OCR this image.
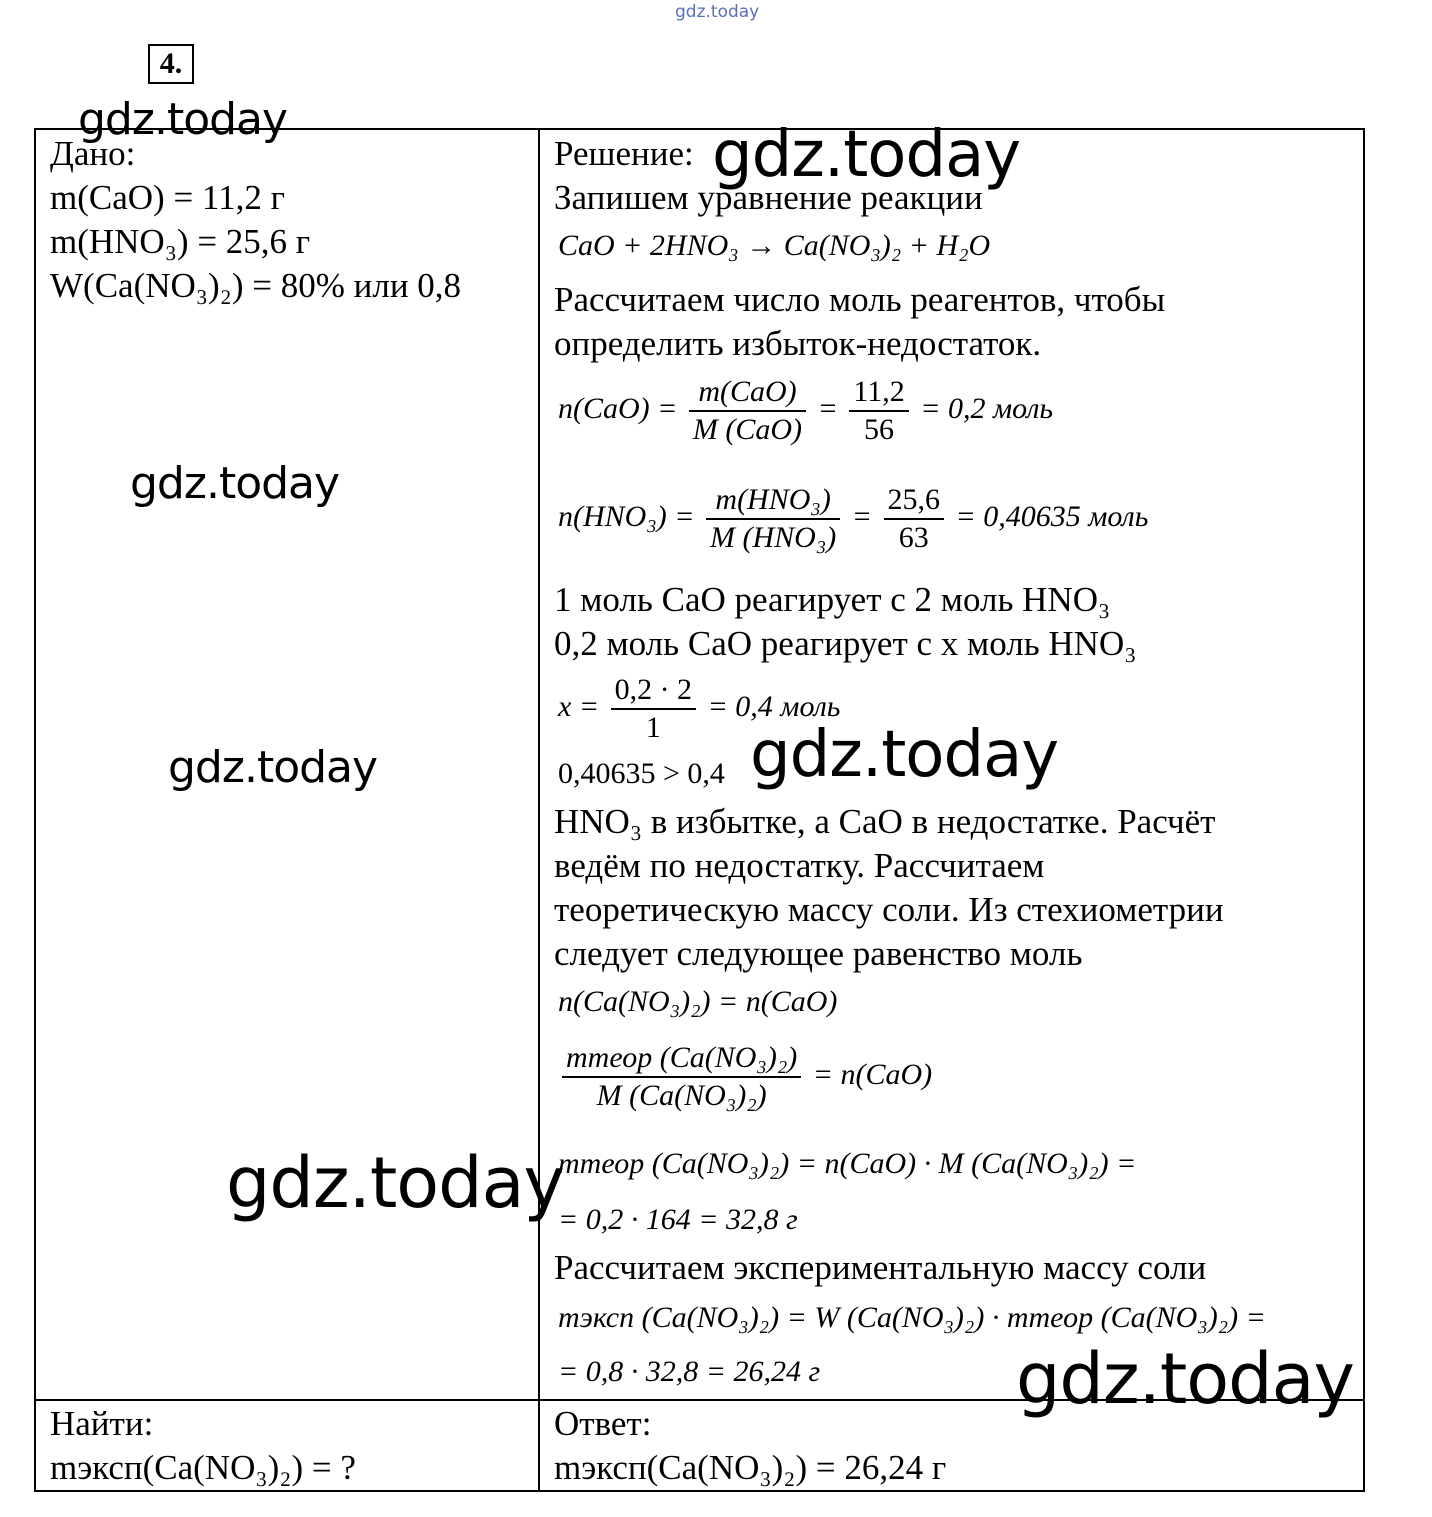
gdz.today
4.
Дано:
m(CaO) = 11,2 г
m(HNO₃) = 25,6 г
W(Ca(NO₃)₂) = 80% или 0,8
Найти:
mэксп(Ca(NO₃)₂) = ?
Решение:
Запишем уравнение реакции
CaO + 2HNO₃ → Ca(NO₃)₂ + H₂O
Рассчитаем число моль реагентов, чтобы
определить избыток-недостаток.
$n(CaO) = \frac{\text{m(CaO)}}{\text{M (CaO)}} = \frac{11,2}{56} = 0,2$ моль
$n(HNO_3) = \frac{\text{m(HNO₃)}}{\text{M (HNO₃)}} = \frac{25,6}{63} = 0,40635$ моль
1 моль CaO реагирует с 2 моль HNO₃
0,2 моль CaO реагирует с x моль HNO₃
$x = \frac{0,2 \cdot 2}{1} = 0,4$ моль
0,40635 > 0,4
HNO₃ в избытке, а CaO в недостатке. Расчёт
ведём по недостатку. Рассчитаем
теоретическую массу соли. Из стехиометрии
следует следующее равенство моль
n(Ca(NO₃)₂) = n(CaO)
$\frac{\text{mтеор (Ca(NO₃)₂)}}{\text{M (Ca(NO₃)₂)}} = n(CaO)$
mтеор (Ca(NO₃)₂) = n(CaO) · M (Ca(NO₃)₂) =
= 0,2 · 164 = 32,8 г
Рассчитаем экспериментальную массу соли
mэксп (Ca(NO₃)₂) = W (Ca(NO₃)₂) · mтеор (Ca(NO₃)₂) =
= 0,8 · 32,8 = 26,24 г
Ответ:
mэксп(Ca(NO₃)₂) = 26,24 г
gdz.today	gdz.today
gdz.today
gdz.today	gdz.today
gdz.today
gdz.today
